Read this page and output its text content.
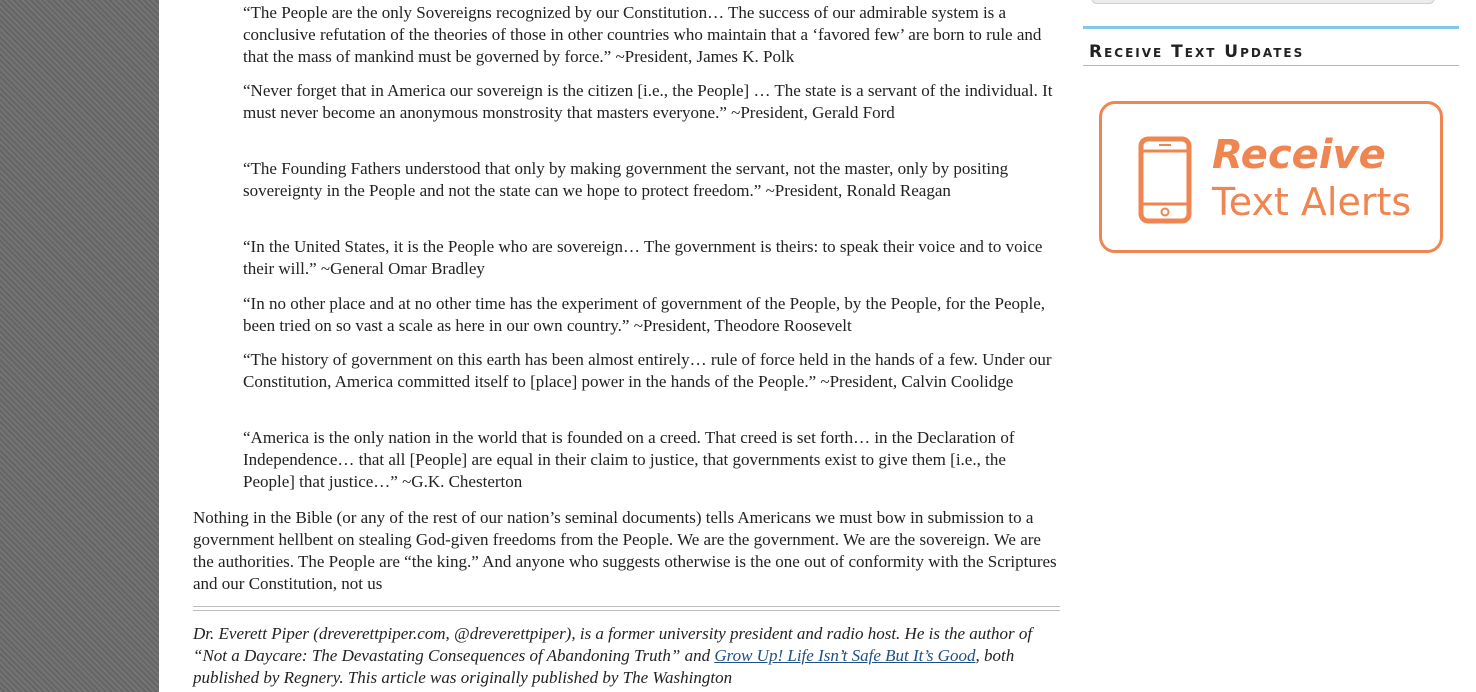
“The People are the only Sovereigns recognized by our Constitution… The success of our admirable system is a conclusive refutation of the theories of those in other countries who maintain that a ‘favored few’ are born to rule and that the mass of mankind must be governed by force.” ~President, James K. Polk
“Never forget that in America our sovereign is the citizen [i.e., the People] … The state is a servant of the individual. It must never become an anonymous monstrosity that masters everyone.” ~President, Gerald Ford
“The Founding Fathers understood that only by making government the servant, not the master, only by positing sovereignty in the People and not the state can we hope to protect freedom.” ~President, Ronald Reagan
“In the United States, it is the People who are sovereign… The government is theirs: to speak their voice and to voice their will.” ~General Omar Bradley
“In no other place and at no other time has the experiment of government of the People, by the People, for the People, been tried on so vast a scale as here in our own country.” ~President, Theodore Roosevelt
“The history of government on this earth has been almost entirely… rule of force held in the hands of a few. Under our Constitution, America committed itself to [place] power in the hands of the People.” ~President, Calvin Coolidge
“America is the only nation in the world that is founded on a creed. That creed is set forth… in the Declaration of Independence… that all [People] are equal in their claim to justice, that governments exist to give them [i.e., the People] that justice…” ~G.K. Chesterton
Nothing in the Bible (or any of the rest of our nation’s seminal documents) tells Americans we must bow in submission to a government hellbent on stealing God-given freedoms from the People. We are the government. We are the sovereign. We are the authorities. The People are “the king.” And anyone who suggests otherwise is the one out of conformity with the Scriptures and our Constitution, not us
Dr. Everett Piper (dreverettpiper.com, @dreverettpiper), is a former university president and radio host. He is the author of “Not a Daycare: The Devastating Consequences of Abandoning Truth” and Grow Up! Life Isn’t Safe But It’s Good, both published by Regnery. This article was originally published by The Washington
Receive Text Updates
Receive
Text Alerts
